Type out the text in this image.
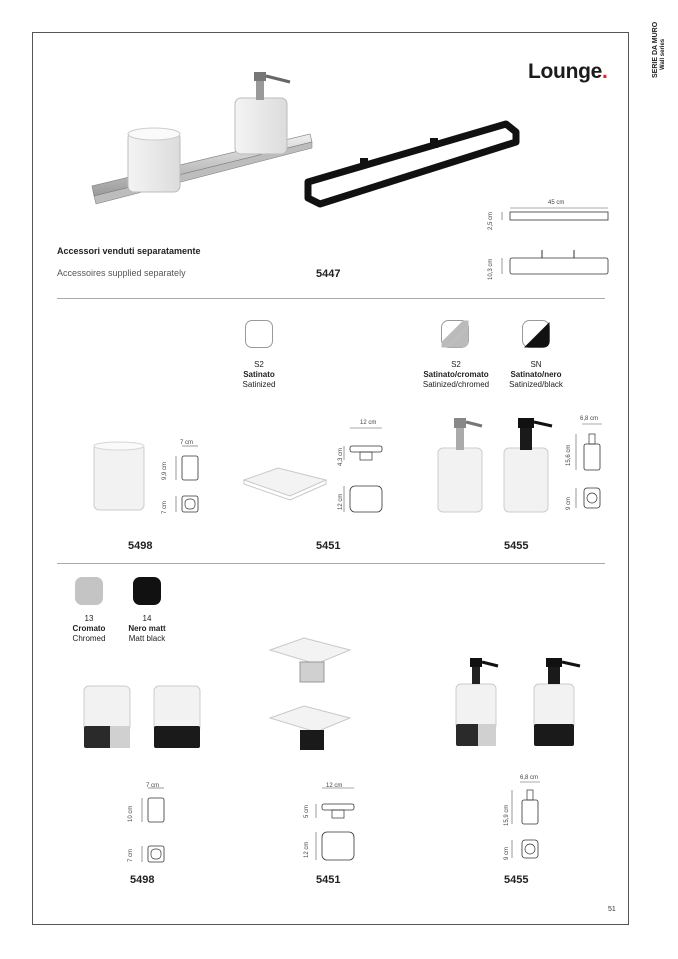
SERIE DA MURO Wall series
Lounge.
45 cm
2,5 cm
10,3 cm
Accessori venduti separatamente
Accessoires supplied separately	5447
S2
Satinato
Satinized
S2
Satinato/cromato
Satinized/chromed
SN
Satinato/nero
Satinized/black
7 cm
9,9 cm
7 cm
5498
12 cm
4,3 cm
12 cm
5451
6,8 cm
15,6 cm
9 cm
5455
13
Cromato
Chromed
14
Nero matt
Matt black
7 cm
10 cm
7 cm
5498
12 cm
5 cm
12 cm
5451
6,8 cm
15,9 cm
9 cm
5455
51
